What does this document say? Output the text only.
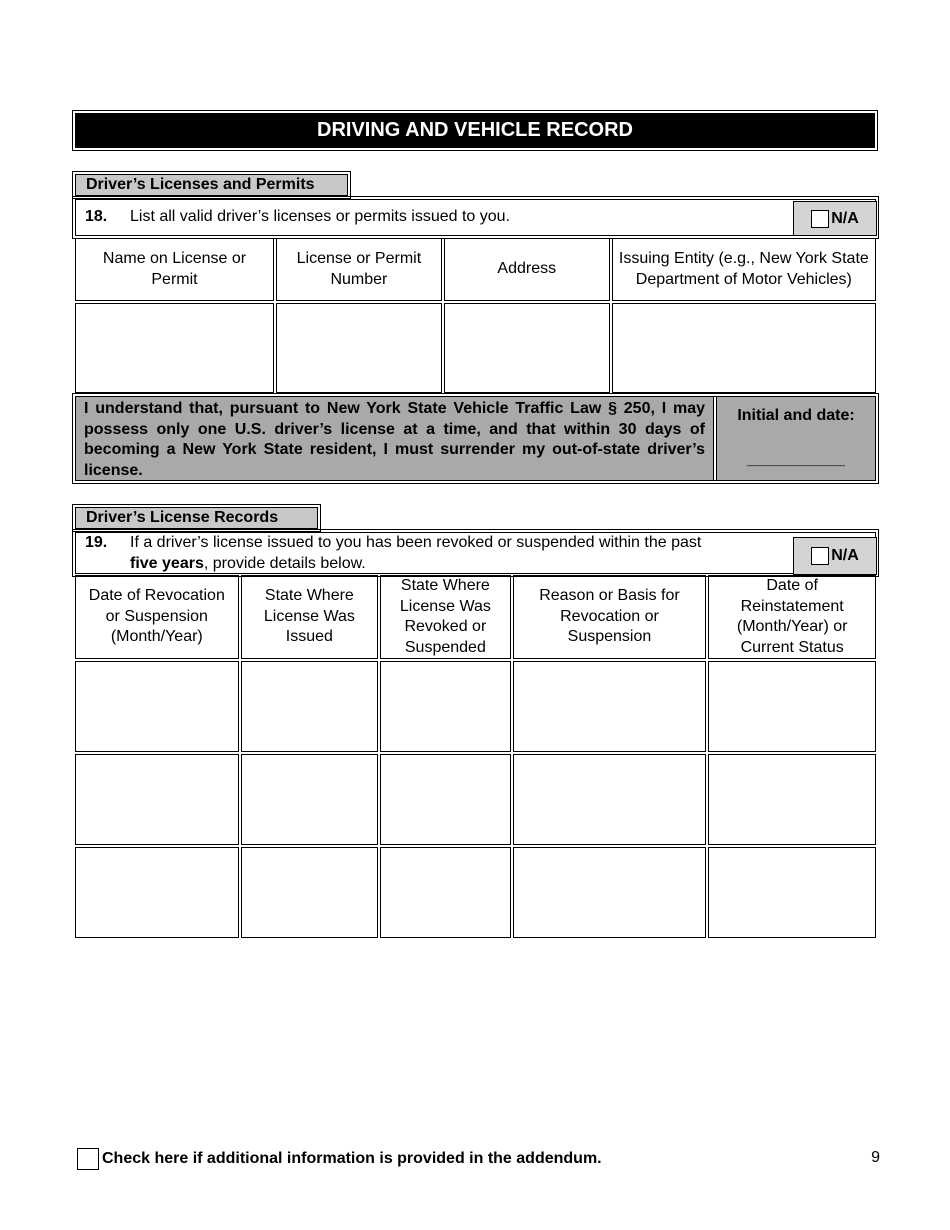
DRIVING AND VEHICLE RECORD
Driver’s Licenses and Permits
18. List all valid driver’s licenses or permits issued to you.	N/A
Name on License or Permit	License or Permit Number	Address	Issuing Entity (e.g., New York State Department of Motor Vehicles)

I understand that, pursuant to New York State Vehicle Traffic Law § 250, I may possess only one U.S. driver’s license at a time, and that within 30 days of becoming a New York State resident, I must surrender my out-of-state driver’s license.
Initial and date:
___________
Driver’s License Records
19. If a driver’s license issued to you has been revoked or suspended within the past
five years, provide details below.	N/A
Date of Revocation or Suspension (Month/Year)	State Where License Was Issued	State Where License Was Revoked or Suspended	Reason or Basis for Revocation or Suspension	Date of Reinstatement (Month/Year) or Current Status

Check here if additional information is provided in the addendum.	9
